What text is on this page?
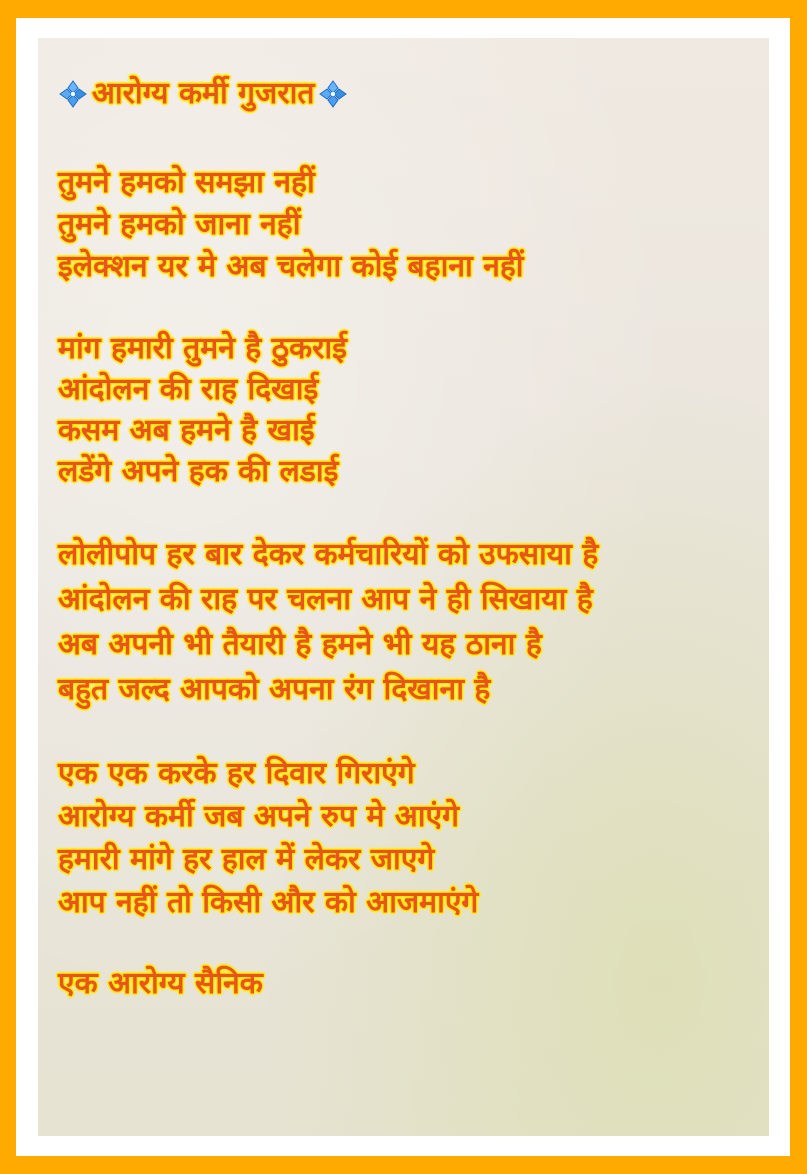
आरोग्य कर्मी गुजरात
तुमने हमको समझा नहीं
तुमने हमको जाना नहीं
इलेक्शन यर मे अब चलेगा कोई बहाना नहीं
मांग हमारी तुमने है ठुकराई
आंदोलन की राह दिखाई
कसम अब हमने है खाई
लडेंगे अपने हक की लडाई
लोलीपोप हर बार देकर कर्मचारियों को उफसाया है
आंदोलन की राह पर चलना आप ने ही सिखाया है
अब अपनी भी तैयारी है हमने भी यह ठाना है
बहुत जल्द आपको अपना रंग दिखाना है
एक एक करके हर दिवार गिराएंगे
आरोग्य कर्मी जब अपने रुप मे आएंगे
हमारी मांगे हर हाल में लेकर जाएगे
आप नहीं तो किसी और को आजमाएंगे
एक आरोग्य सैनिक
